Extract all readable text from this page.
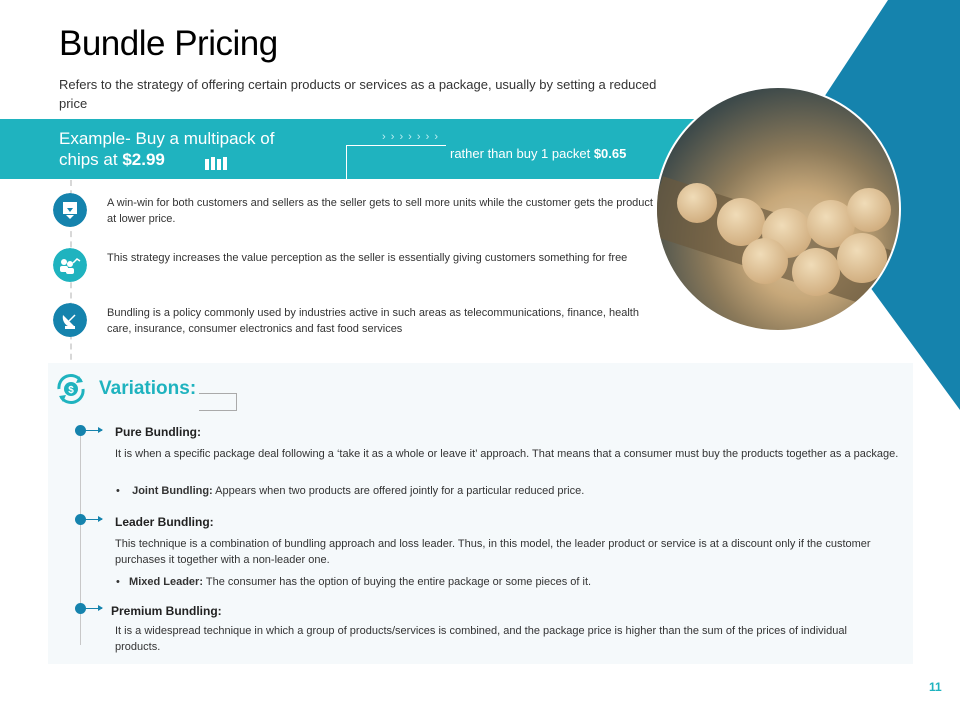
Bundle Pricing
Refers to the strategy of offering certain products or services as a package, usually by setting a reduced price
Example- Buy a multipack of chips at $2.99
› › › › › › ›
rather than buy 1 packet $0.65
A win-win for both customers and sellers as the seller gets to sell more units while the customer gets the product at lower price.
This strategy increases the value perception as the seller is essentially giving customers something for free
Bundling is a policy commonly used by industries active in such areas as telecommunications, finance, health care, insurance, consumer electronics and fast food services
$ Variations:
Pure Bundling:
It is when a specific package deal following a ‘take it as a whole or leave it’ approach. That means that a consumer must buy the products together as a package.
•    Joint Bundling: Appears when two products are offered jointly for a particular reduced price.
Leader Bundling:
This technique is a combination of bundling approach and loss leader. Thus, in this model, the leader product or service is at a discount only if the customer purchases it together with a non-leader one.
•   Mixed Leader: The consumer has the option of buying the entire package or some pieces of it.
Premium Bundling:
It is a widespread technique in which a group of products/services is combined, and the package price is higher than the sum of the prices of individual products.
11
